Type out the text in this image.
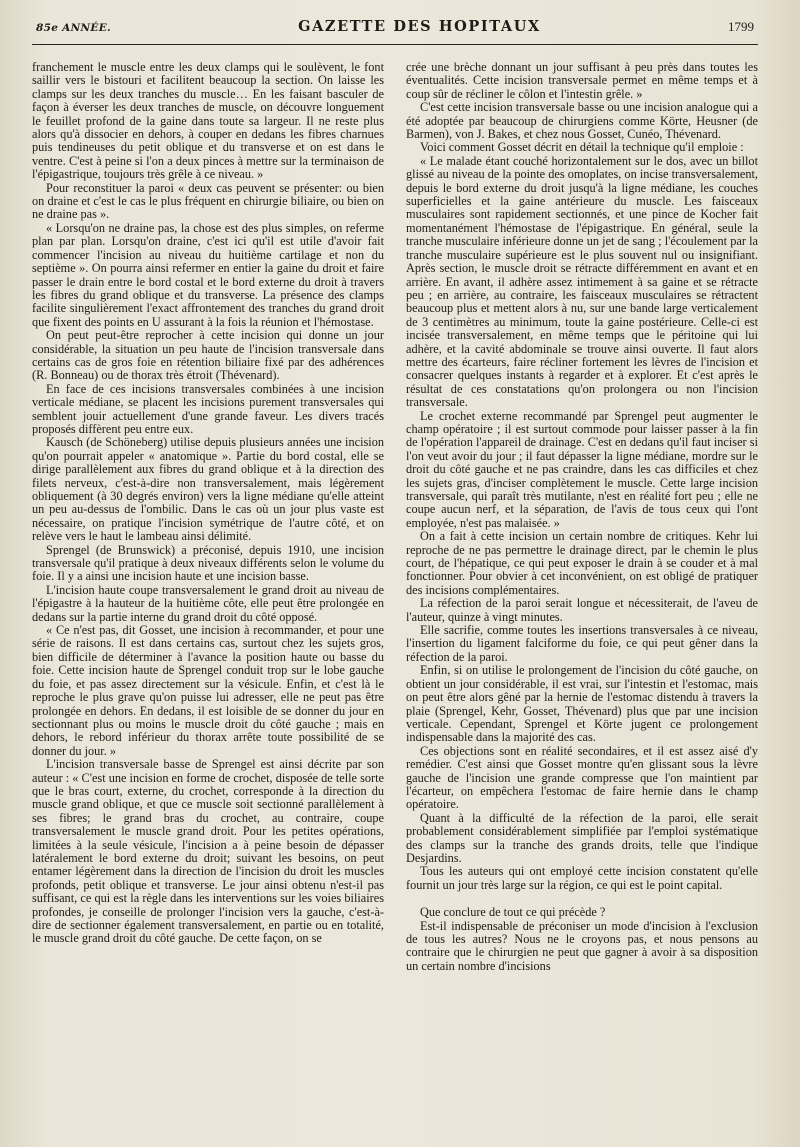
85e ANNÉE.	GAZETTE DES HOPITAUX	1799

franchement le muscle entre les deux clamps qui le soulèvent, le font saillir vers le bistouri et facilitent beaucoup la section. On laisse les clamps sur les deux tranches du muscle… En les faisant basculer de façon à éverser les deux tranches de muscle, on découvre longuement le feuillet profond de la gaine dans toute sa largeur. Il ne reste plus alors qu'à dissocier en dehors, à couper en dedans les fibres charnues puis tendineuses du petit oblique et du transverse et on est dans le ventre. C'est à peine si l'on a deux pinces à mettre sur la terminaison de l'épigastrique, toujours très grêle à ce niveau. »

Pour reconstituer la paroi « deux cas peuvent se présenter: ou bien on draine et c'est le cas le plus fréquent en chirurgie biliaire, ou bien on ne draine pas ».

« Lorsqu'on ne draine pas, la chose est des plus simples, on referme plan par plan. Lorsqu'on draine, c'est ici qu'il est utile d'avoir fait commencer l'incision au niveau du huitième cartilage et non du septième ». On pourra ainsi refermer en entier la gaine du droit et faire passer le drain entre le bord costal et le bord externe du droit à travers les fibres du grand oblique et du transverse. La présence des clamps facilite singulièrement l'exact affrontement des tranches du grand droit que fixent des points en U assurant à la fois la réunion et l'hémostase.

On peut peut-être reprocher à cette incision qui donne un jour considérable, la situation un peu haute de l'incision transversale dans certains cas de gros foie en rétention biliaire fixé par des adhérences (R. Bonneau) ou de thorax très étroit (Thévenard).

En face de ces incisions transversales combinées à une incision verticale médiane, se placent les incisions purement transversales qui semblent jouir actuellement d'une grande faveur. Les divers tracés proposés diffèrent peu entre eux.

Kausch (de Schöneberg) utilise depuis plusieurs années une incision qu'on pourrait appeler « anatomique ». Partie du bord costal, elle se dirige parallèlement aux fibres du grand oblique et à la direction des filets nerveux, c'est-à-dire non transversalement, mais légèrement obliquement (à 30 degrés environ) vers la ligne médiane qu'elle atteint un peu au-dessus de l'ombilic. Dans le cas où un jour plus vaste est nécessaire, on pratique l'incision symétrique de l'autre côté, et on relève vers le haut le lambeau ainsi délimité.

Sprengel (de Brunswick) a préconisé, depuis 1910, une incision transversale qu'il pratique à deux niveaux différents selon le volume du foie. Il y a ainsi une incision haute et une incision basse.

L'incision haute coupe transversalement le grand droit au niveau de l'épigastre à la hauteur de la huitième côte, elle peut être prolongée en dedans sur la partie interne du grand droit du côté opposé.

« Ce n'est pas, dit Gosset, une incision à recommander, et pour une série de raisons. Il est dans certains cas, surtout chez les sujets gros, bien difficile de déterminer à l'avance la position haute ou basse du foie. Cette incision haute de Sprengel conduit trop sur le lobe gauche du foie, et pas assez directement sur la vésicule. Enfin, et c'est là le reproche le plus grave qu'on puisse lui adresser, elle ne peut pas être prolongée en dehors. En dedans, il est loisible de se donner du jour en sectionnant plus ou moins le muscle droit du côté gauche ; mais en dehors, le rebord inférieur du thorax arrête toute possibilité de se donner du jour. »

L'incision transversale basse de Sprengel est ainsi décrite par son auteur : « C'est une incision en forme de crochet, disposée de telle sorte que le bras court, externe, du crochet, corresponde à la direction du muscle grand oblique, et que ce muscle soit sectionné parallèlement à ses fibres; le grand bras du crochet, au contraire, coupe transversalement le muscle grand droit. Pour les petites opérations, limitées à la seule vésicule, l'incision a à peine besoin de dépasser latéralement le bord externe du droit; suivant les besoins, on peut entamer légèrement dans la direction de l'incision du droit les muscles profonds, petit oblique et transverse. Le jour ainsi obtenu n'est-il pas suffisant, ce qui est la règle dans les interventions sur les voies biliaires profondes, je conseille de prolonger l'incision vers la gauche, c'est-à-dire de sectionner également transversalement, en partie ou en totalité, le muscle grand droit du côté gauche. De cette façon, on se

crée une brèche donnant un jour suffisant à peu près dans toutes les éventualités. Cette incision transversale permet en même temps et à coup sûr de récliner le côlon et l'intestin grêle. »

C'est cette incision transversale basse ou une incision analogue qui a été adoptée par beaucoup de chirurgiens comme Körte, Heusner (de Barmen), von J. Bakes, et chez nous Gosset, Cunéo, Thévenard.

Voici comment Gosset décrit en détail la technique qu'il emploie :

« Le malade étant couché horizontalement sur le dos, avec un billot glissé au niveau de la pointe des omoplates, on incise transversalement, depuis le bord externe du droit jusqu'à la ligne médiane, les couches superficielles et la gaine antérieure du muscle. Les faisceaux musculaires sont rapidement sectionnés, et une pince de Kocher fait momentanément l'hémostase de l'épigastrique. En général, seule la tranche musculaire inférieure donne un jet de sang ; l'écoulement par la tranche musculaire supérieure est le plus souvent nul ou insignifiant. Après section, le muscle droit se rétracte différemment en avant et en arrière. En avant, il adhère assez intimement à sa gaine et se rétracte peu ; en arrière, au contraire, les faisceaux musculaires se rétractent beaucoup plus et mettent alors à nu, sur une bande large verticalement de 3 centimètres au minimum, toute la gaine postérieure. Celle-ci est incisée transversalement, en même temps que le péritoine qui lui adhère, et la cavité abdominale se trouve ainsi ouverte. Il faut alors mettre des écarteurs, faire récliner fortement les lèvres de l'incision et consacrer quelques instants à regarder et à explorer. Et c'est après le résultat de ces constatations qu'on prolongera ou non l'incision transversale.

Le crochet externe recommandé par Sprengel peut augmenter le champ opératoire ; il est surtout commode pour laisser passer à la fin de l'opération l'appareil de drainage. C'est en dedans qu'il faut inciser si l'on veut avoir du jour ; il faut dépasser la ligne médiane, mordre sur le droit du côté gauche et ne pas craindre, dans les cas difficiles et chez les sujets gras, d'inciser complètement le muscle. Cette large incision transversale, qui paraît très mutilante, n'est en réalité fort peu ; elle ne coupe aucun nerf, et la séparation, de l'avis de tous ceux qui l'ont employée, n'est pas malaisée. »

On a fait à cette incision un certain nombre de critiques. Kehr lui reproche de ne pas permettre le drainage direct, par le chemin le plus court, de l'hépatique, ce qui peut exposer le drain à se couder et à mal fonctionner. Pour obvier à cet inconvénient, on est obligé de pratiquer des incisions complémentaires.

La réfection de la paroi serait longue et nécessiterait, de l'aveu de l'auteur, quinze à vingt minutes.

Elle sacrifie, comme toutes les insertions transversales à ce niveau, l'insertion du ligament falciforme du foie, ce qui peut gêner dans la réfection de la paroi.

Enfin, si on utilise le prolongement de l'incision du côté gauche, on obtient un jour considérable, il est vrai, sur l'intestin et l'estomac, mais on peut être alors gêné par la hernie de l'estomac distendu à travers la plaie (Sprengel, Kehr, Gosset, Thévenard) plus que par une incision verticale. Cependant, Sprengel et Körte jugent ce prolongement indispensable dans la majorité des cas.

Ces objections sont en réalité secondaires, et il est assez aisé d'y remédier. C'est ainsi que Gosset montre qu'en glissant sous la lèvre gauche de l'incision une grande compresse que l'on maintient par l'écarteur, on empêchera l'estomac de faire hernie dans le champ opératoire.

Quant à la difficulté de la réfection de la paroi, elle serait probablement considérablement simplifiée par l'emploi systématique des clamps sur la tranche des grands droits, telle que l'indique Desjardins.

Tous les auteurs qui ont employé cette incision constatent qu'elle fournit un jour très large sur la région, ce qui est le point capital.

Que conclure de tout ce qui précède ?

Est-il indispensable de préconiser un mode d'incision à l'exclusion de tous les autres? Nous ne le croyons pas, et nous pensons au contraire que le chirurgien ne peut que gagner à avoir à sa disposition un certain nombre d'incisions
